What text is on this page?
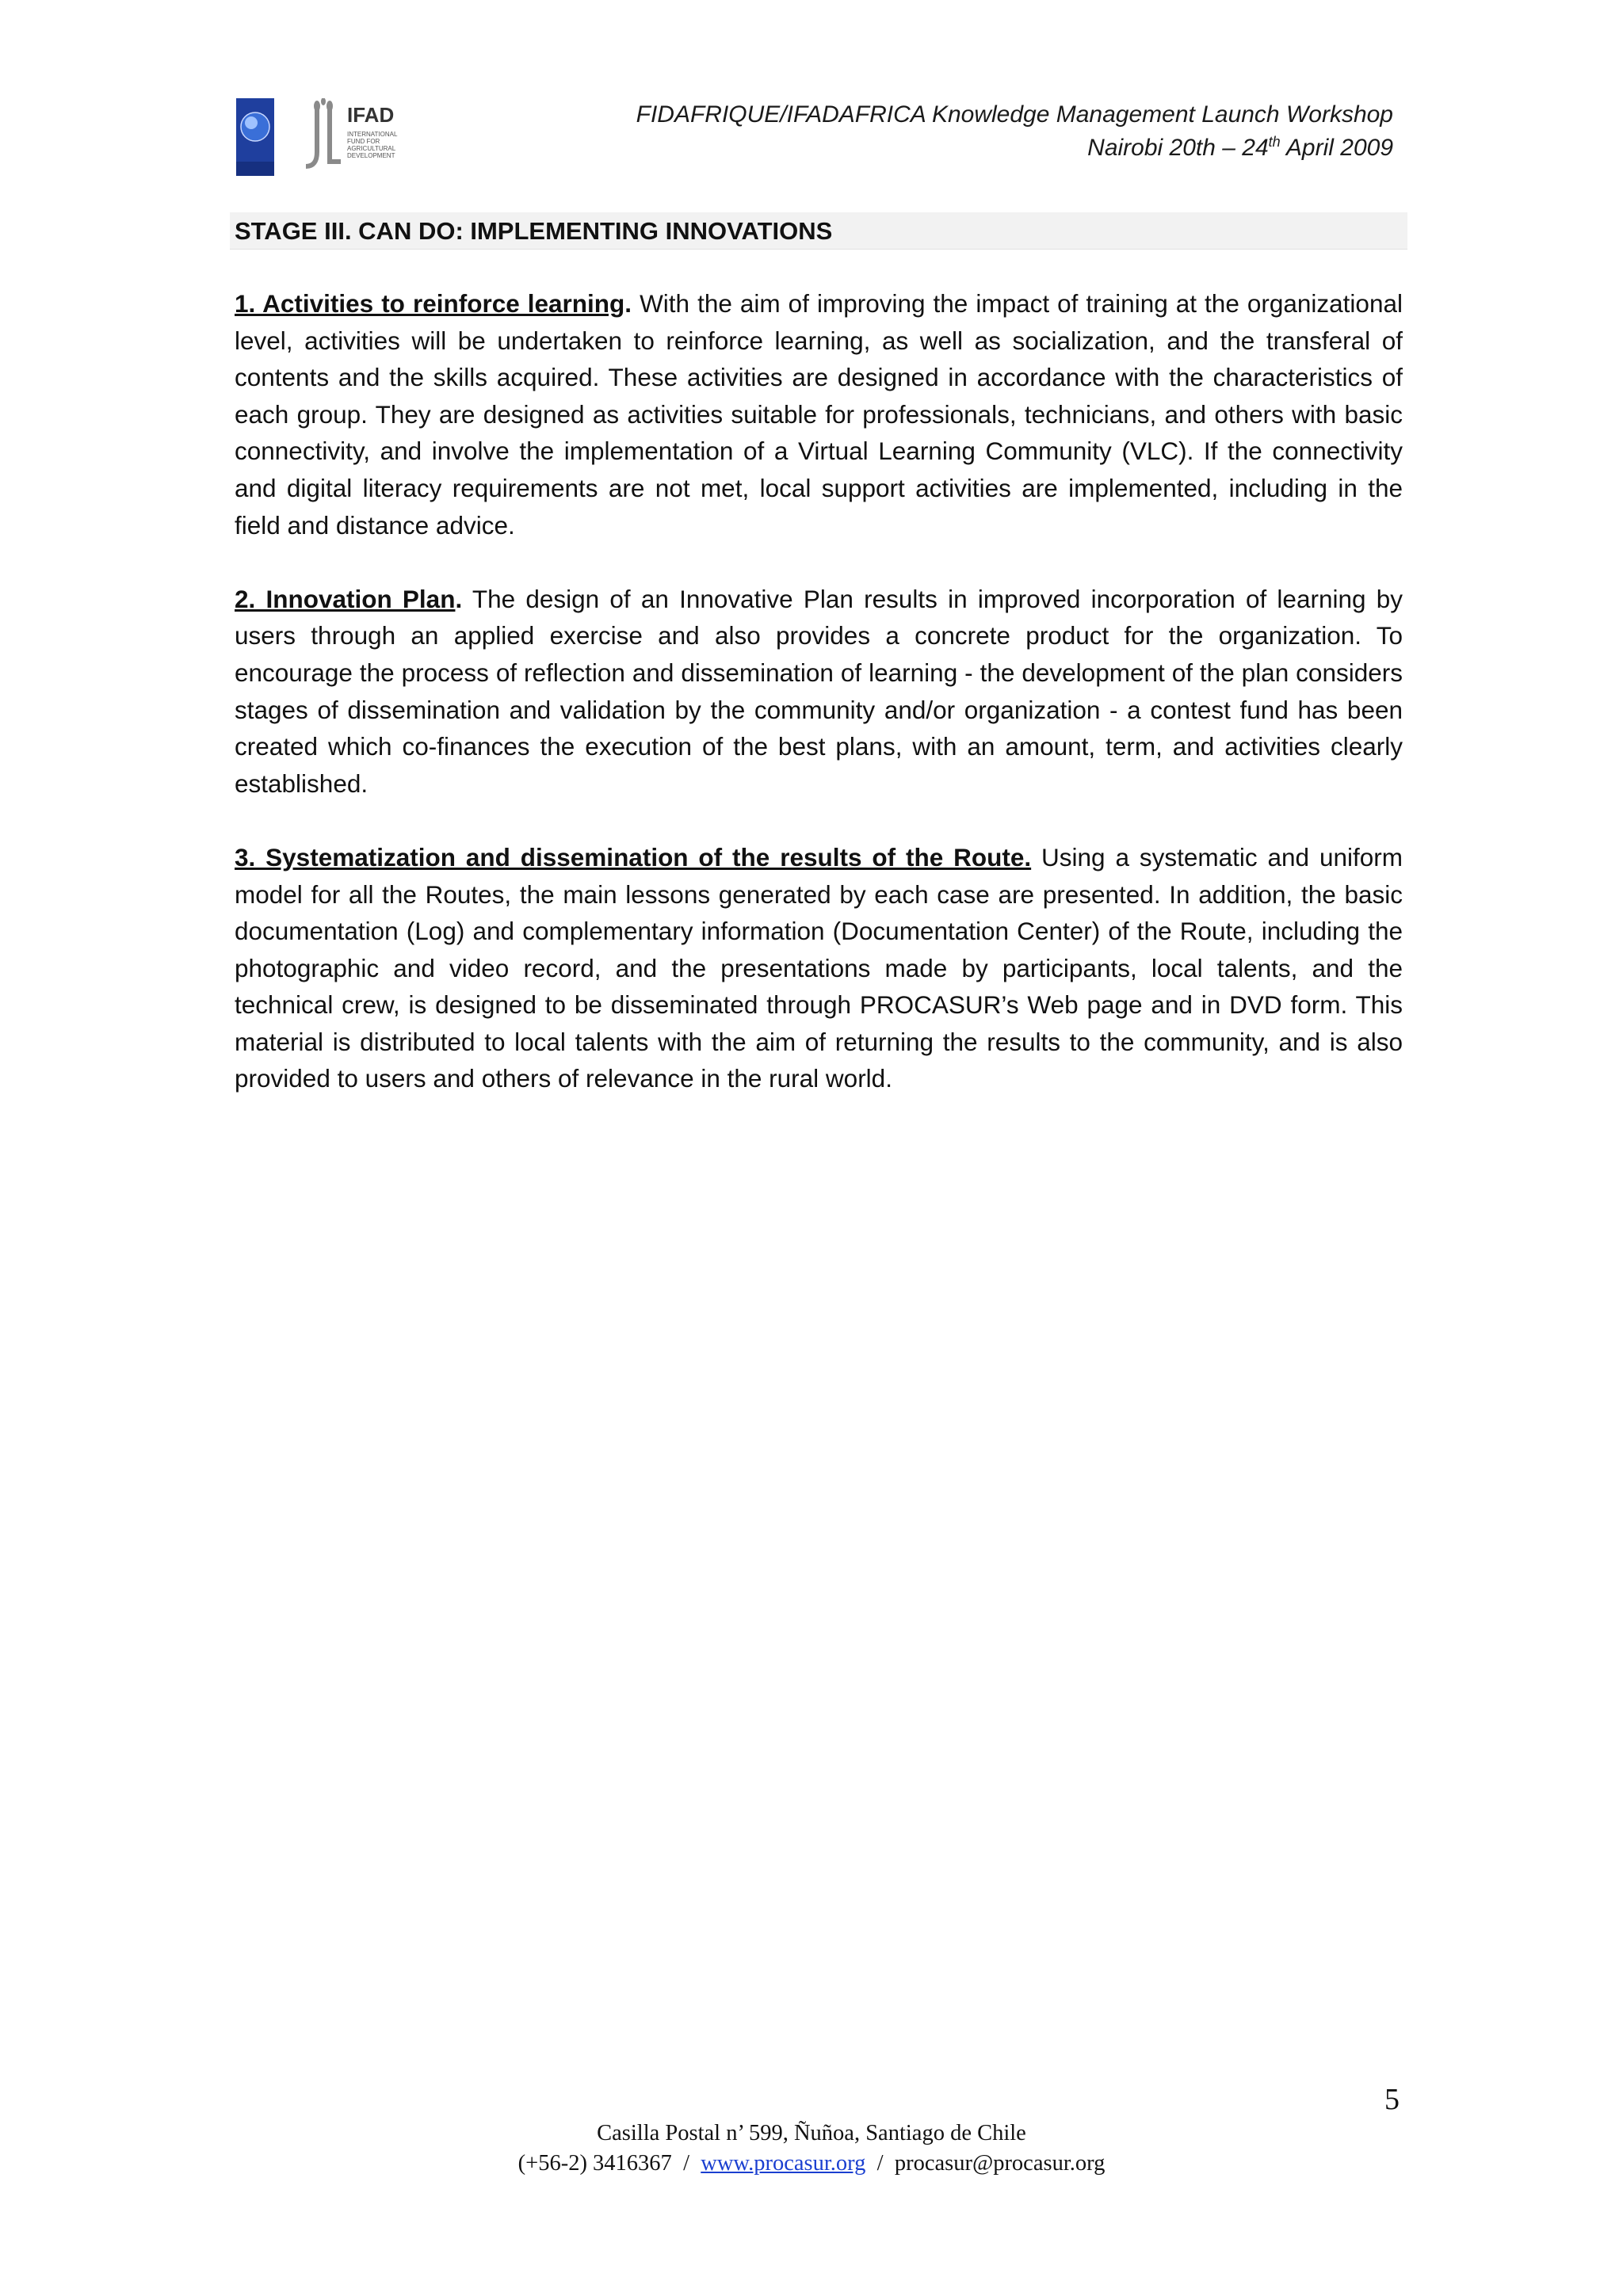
IFAD
INTERNATIONAL
FUND FOR
AGRICULTURAL
DEVELOPMENT
FIDAFRIQUE/IFADAFRICA Knowledge Management Launch Workshop
Nairobi 20th – 24th April 2009
STAGE III. CAN DO: IMPLEMENTING INNOVATIONS

1. Activities to reinforce learning. With the aim of improving the impact of training at the organizational level, activities will be undertaken to reinforce learning, as well as socialization, and the transferal of contents and the skills acquired. These activities are designed in accordance with the characteristics of each group. They are designed as activities suitable for professionals, technicians, and others with basic connectivity, and involve the implementation of a Virtual Learning Community (VLC). If the connectivity and digital literacy requirements are not met, local support activities are implemented, including in the field and distance advice.

2. Innovation Plan. The design of an Innovative Plan results in improved incorporation of learning by users through an applied exercise and also provides a concrete product for the organization. To encourage the process of reflection and dissemination of learning - the development of the plan considers stages of dissemination and validation by the community and/or organization - a contest fund has been created which co-finances the execution of the best plans, with an amount, term, and activities clearly established.

3. Systematization and dissemination of the results of the Route. Using a systematic and uniform model for all the Routes, the main lessons generated by each case are presented. In addition, the basic documentation (Log) and complementary information (Documentation Center) of the Route, including the photographic and video record, and the presentations made by participants, local talents, and the technical crew, is designed to be disseminated through PROCASUR’s Web page and in DVD form. This material is distributed to local talents with the aim of returning the results to the community, and is also provided to users and others of relevance in the rural world.

5
Casilla Postal n’ 599, Ñuñoa, Santiago de Chile
(+56-2) 3416367  /  www.procasur.org  /  procasur@procasur.org
